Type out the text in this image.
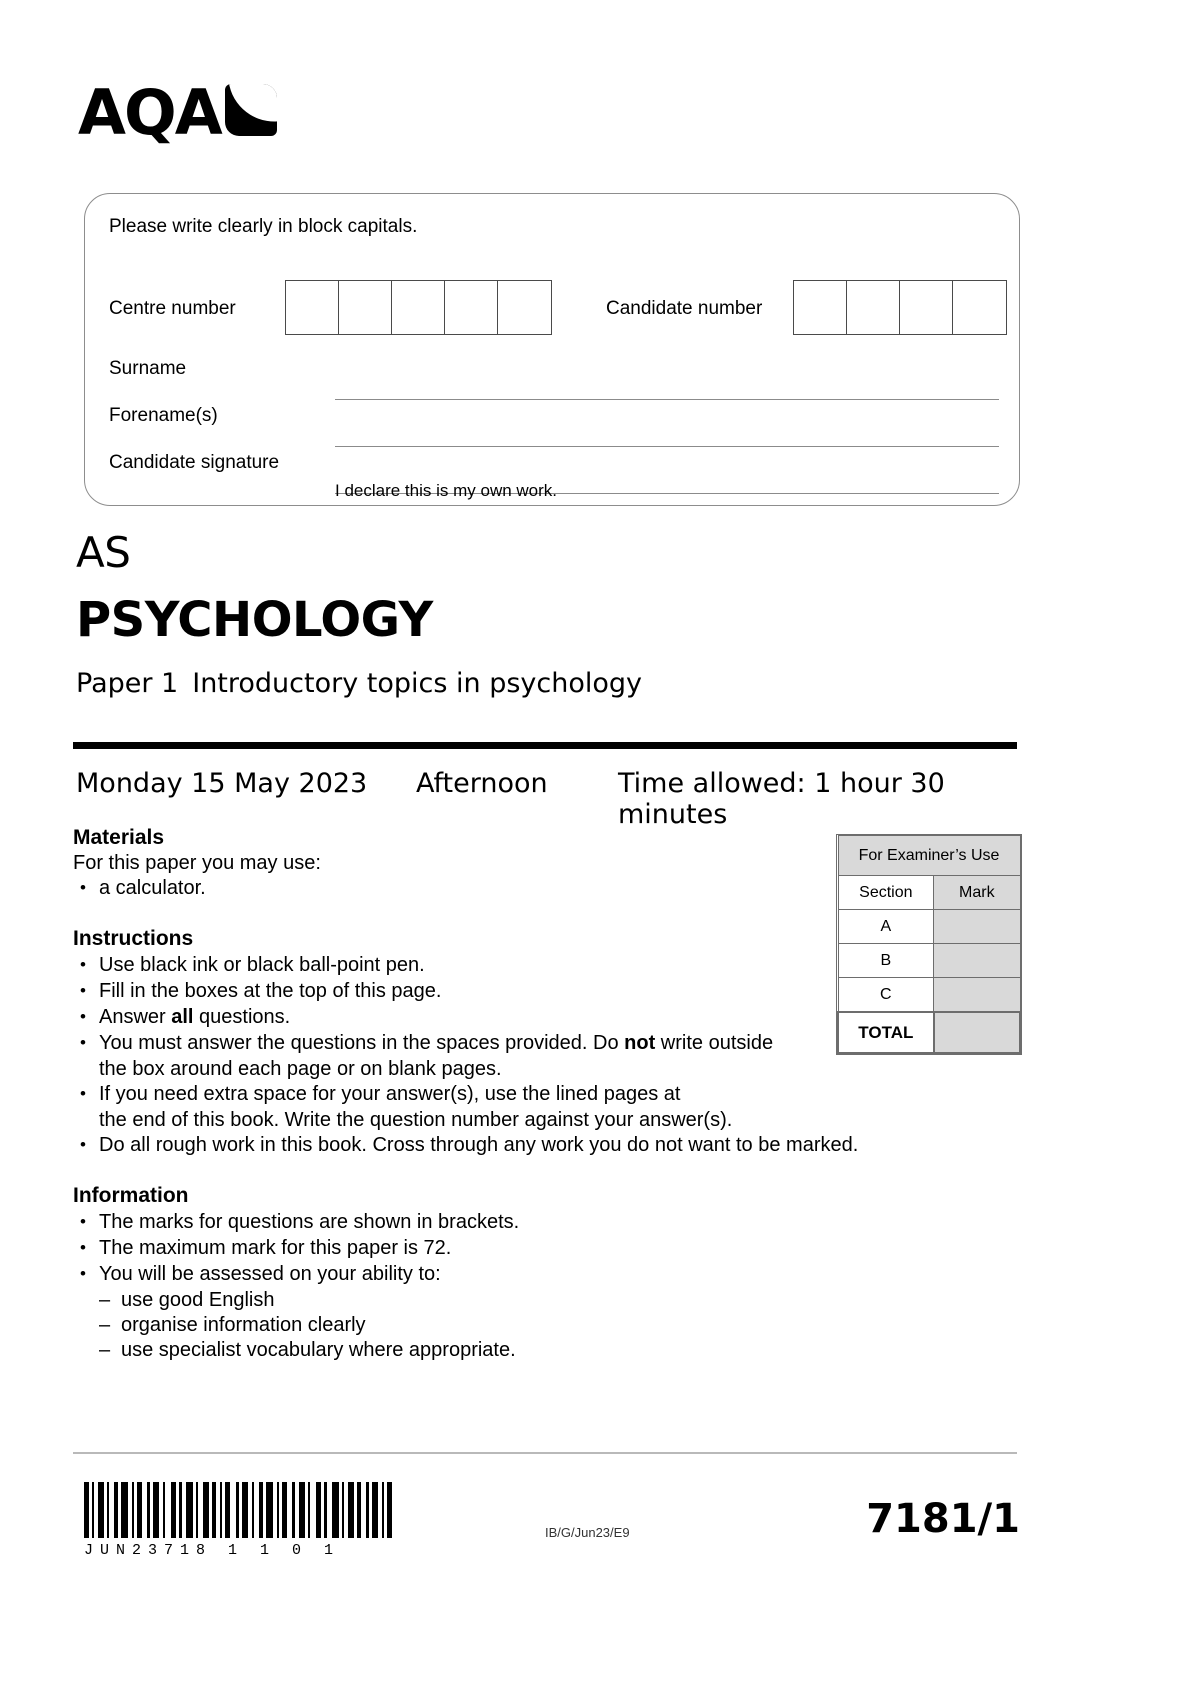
AQA
Please write clearly in block capitals.
Centre number	Candidate number
Surname
Forename(s)
Candidate signature
I declare this is my own work.
AS
PSYCHOLOGY
Paper 1 Introductory topics in psychology
Monday 15 May 2023 Afternoon	Time allowed: 1 hour 30 minutes
Materials
For this paper you may use:
• a calculator.
Instructions
• Use black ink or black ball-point pen.
• Fill in the boxes at the top of this page.
• Answer all questions.
• You must answer the questions in the spaces provided. Do not write outside
the box around each page or on blank pages.
• If you need extra space for your answer(s), use the lined pages at
the end of this book. Write the question number against your answer(s).
• Do all rough work in this book. Cross through any work you do not want to be marked.
Information
• The marks for questions are shown in brackets.
• The maximum mark for this paper is 72.
• You will be assessed on your ability to:
– use good English
– organise information clearly
– use specialist vocabulary where appropriate.
For Examiner’s Use	
Section	Mark
A	
B	
C	
TOTAL	
JUN23718 1 1 0 1
IB/G/Jun23/E9	7181/1
